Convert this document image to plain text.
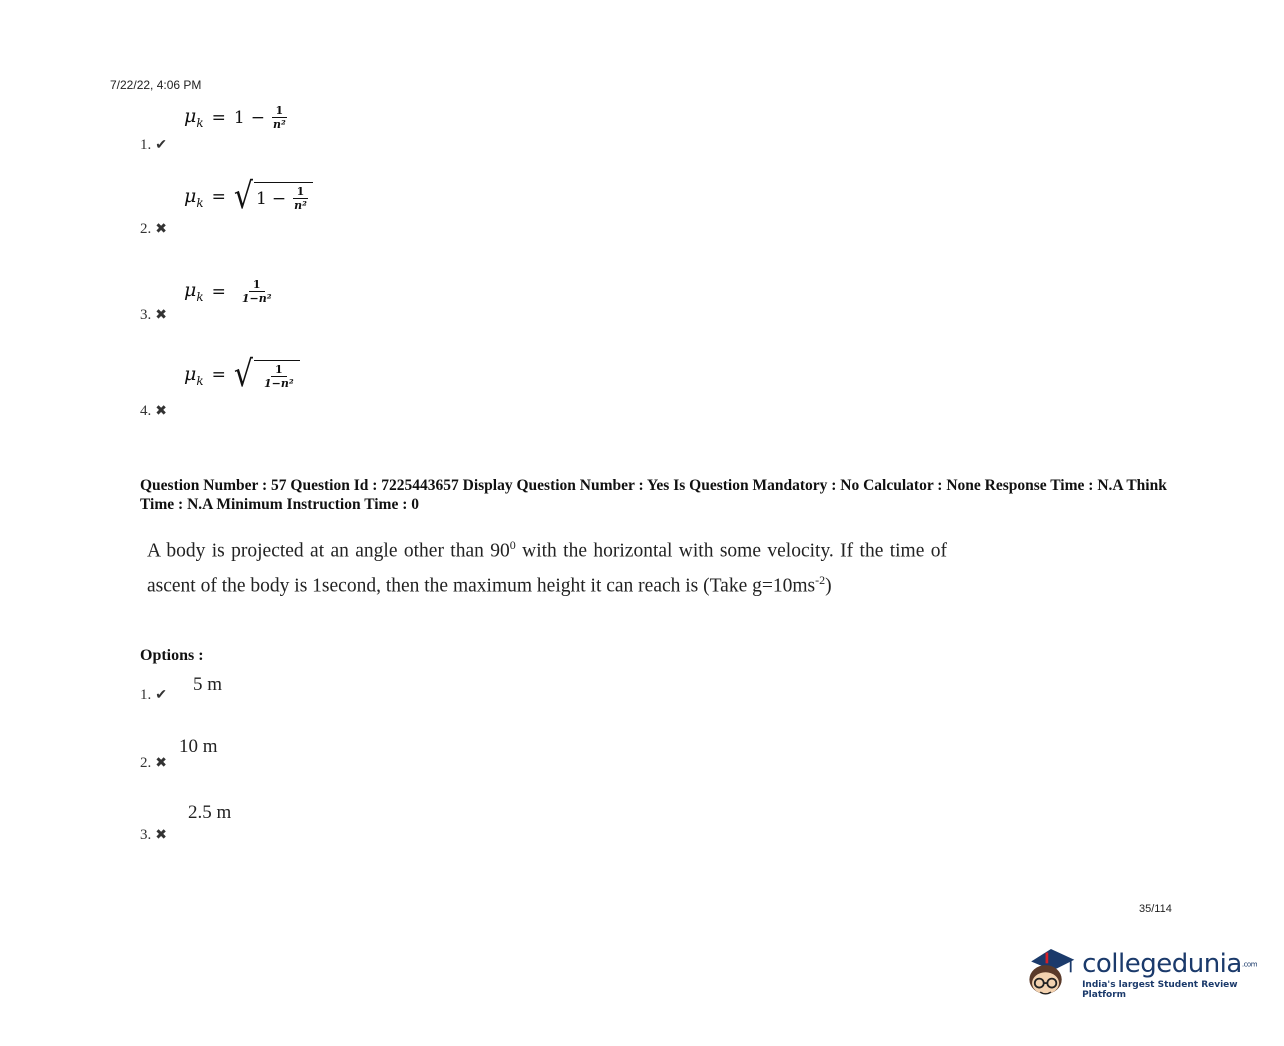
7/22/22, 4:06 PM
1. ✔
$\mu_k = 1 - \frac{1}{\text{n²}}$
2. ✖
$\mu_k$ = √ $1 - \frac{1}{\text{n²}}$
3. ✖
$\mu_k = \frac{1}{\text{1−n²}}$
4. ✖
$\mu_k$ = √ $\frac{1}{\text{1−n²}}$
Question Number : 57 Question Id : 7225443657 Display Question Number : Yes Is Question Mandatory : No Calculator : None Response Time : N.A Think Time : N.A Minimum Instruction Time : 0
A body is projected at an angle other than $90^0$ with the horizontal with some velocity. If the time of ascent of the body is 1second, then the maximum height it can reach is (Take $g=10ms^{-2}$)
Options :
1. ✔
5 m
2. ✖
10 m
3. ✖
2.5 m
35/114
collegedunia.com
India's largest Student Review Platform
